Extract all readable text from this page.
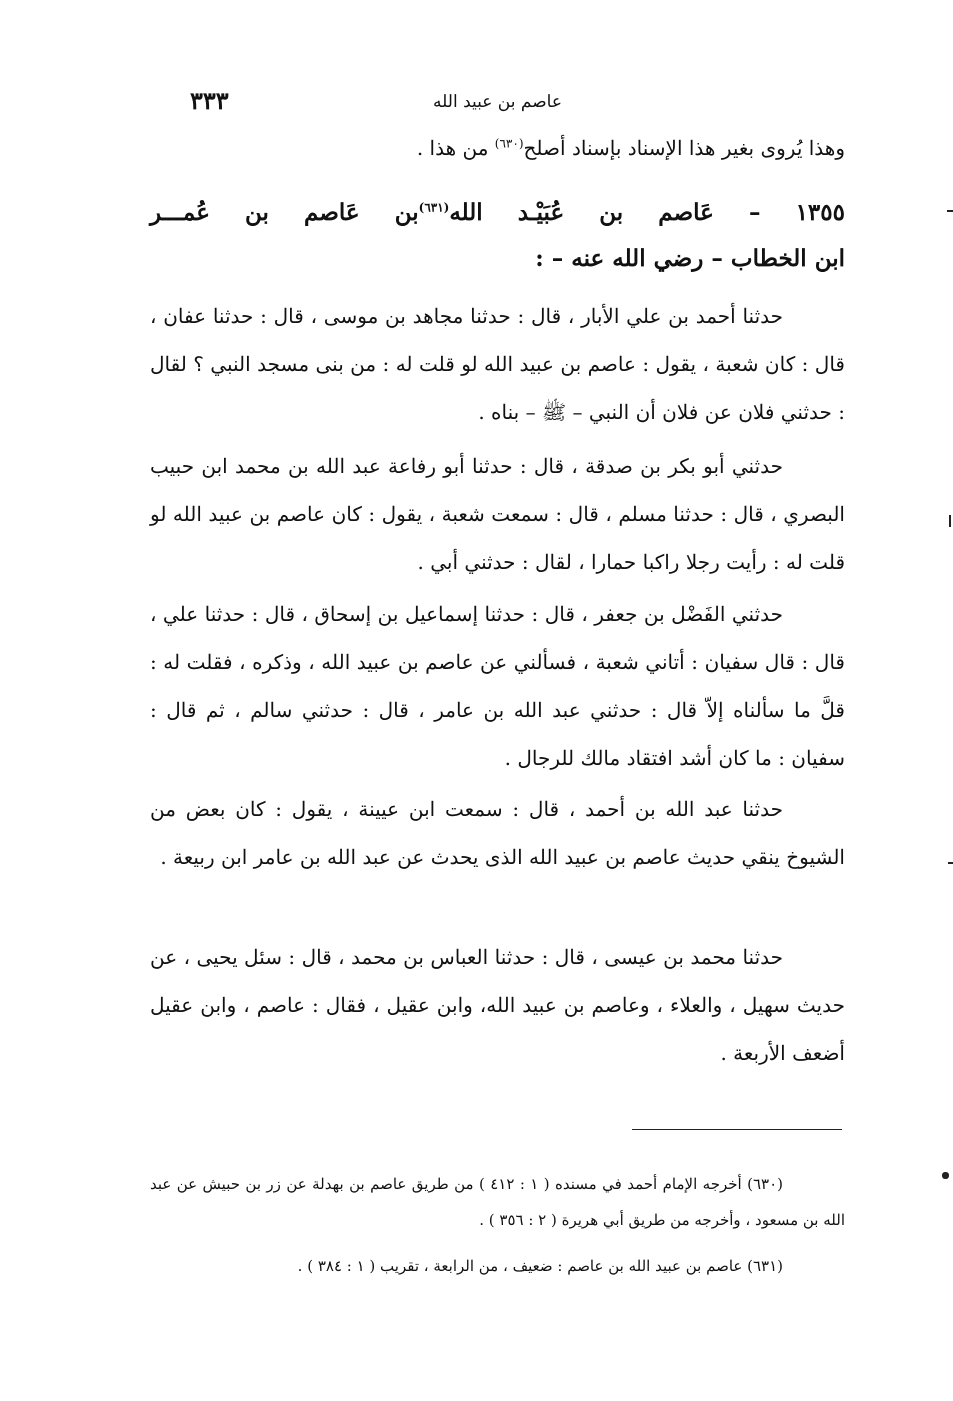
عاصم بن عبيد الله
٣٣٣
وهذا يُروى بغير هذا الإسناد بإسناد أصلح$^{(٦٣٠)}$ من هذا .
١٣٥٥ – عَاصم بن عُبَيْـد الله$^{(٦٣١)}$بن عَاصم بن عُمـــر
ابن الخطاب – رضي الله عنه – :
حدثنا أحمد بن علي الأبار ، قال : حدثنا مجاهد بن موسى ، قال : حدثنا عفان ، قال : كان شعبة ، يقول : عاصم بن عبيد الله لو قلت له : من بنى مسجد النبي ؟ لقال : حدثني فلان عن فلان أن النبي – ﷺ – بناه .
حدثني أبو بكر بن صدقة ، قال : حدثنا أبو رفاعة عبد الله بن محمد ابن حبيب البصري ، قال : حدثنا مسلم ، قال : سمعت شعبة ، يقول : كان عاصم بن عبيد الله لو قلت له : رأيت رجلا راكبا حمارا ، لقال : حدثني أبي .
حدثني الفَضْل بن جعفر ، قال : حدثنا إسماعيل بن إسحاق ، قال : حدثنا علي ، قال : قال سفيان : أتاني شعبة ، فسألني عن عاصم بن عبيد الله ، وذكره ، فقلت له : قلَّ ما سألناه إلاّ قال : حدثني عبد الله بن عامر ، قال : حدثني سالم ، ثم قال : سفيان : ما كان أشد افتقاد مالك للرجال .
حدثنا عبد الله بن أحمد ، قال : سمعت ابن عيينة ، يقول : كان بعض من الشيوخ ينقي حديث عاصم بن عبيد الله الذى يحدث عن عبد الله بن عامر ابن ربيعة .
حدثنا محمد بن عيسى ، قال : حدثنا العباس بن محمد ، قال : سئل يحيى ، عن حديث سهيل ، والعلاء ، وعاصم بن عبيد الله، وابن عقيل ، فقال : عاصم ، وابن عقيل أضعف الأربعة .
(٦٣٠) أخرجه الإمام أحمد في مسنده ( ١ : ٤١٢ ) من طريق عاصم بن بهدلة عن زر بن حبيش عن عبد الله بن مسعود ، وأخرجه من طريق أبي هريرة ( ٢ : ٣٥٦ ) .
(٦٣١) عاصم بن عبيد الله بن عاصم : ضعيف ، من الرابعة ، تقريب ( ١ : ٣٨٤ ) .
